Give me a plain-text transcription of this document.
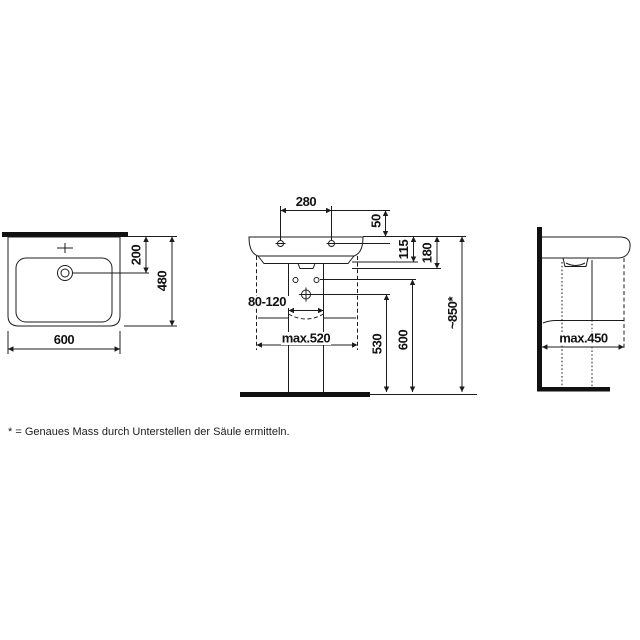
200
480
600
280
80-120
max.520
50
115 180
530 600
~850*
max.450
* = Genaues Mass durch Unterstellen der Säule ermitteln.
